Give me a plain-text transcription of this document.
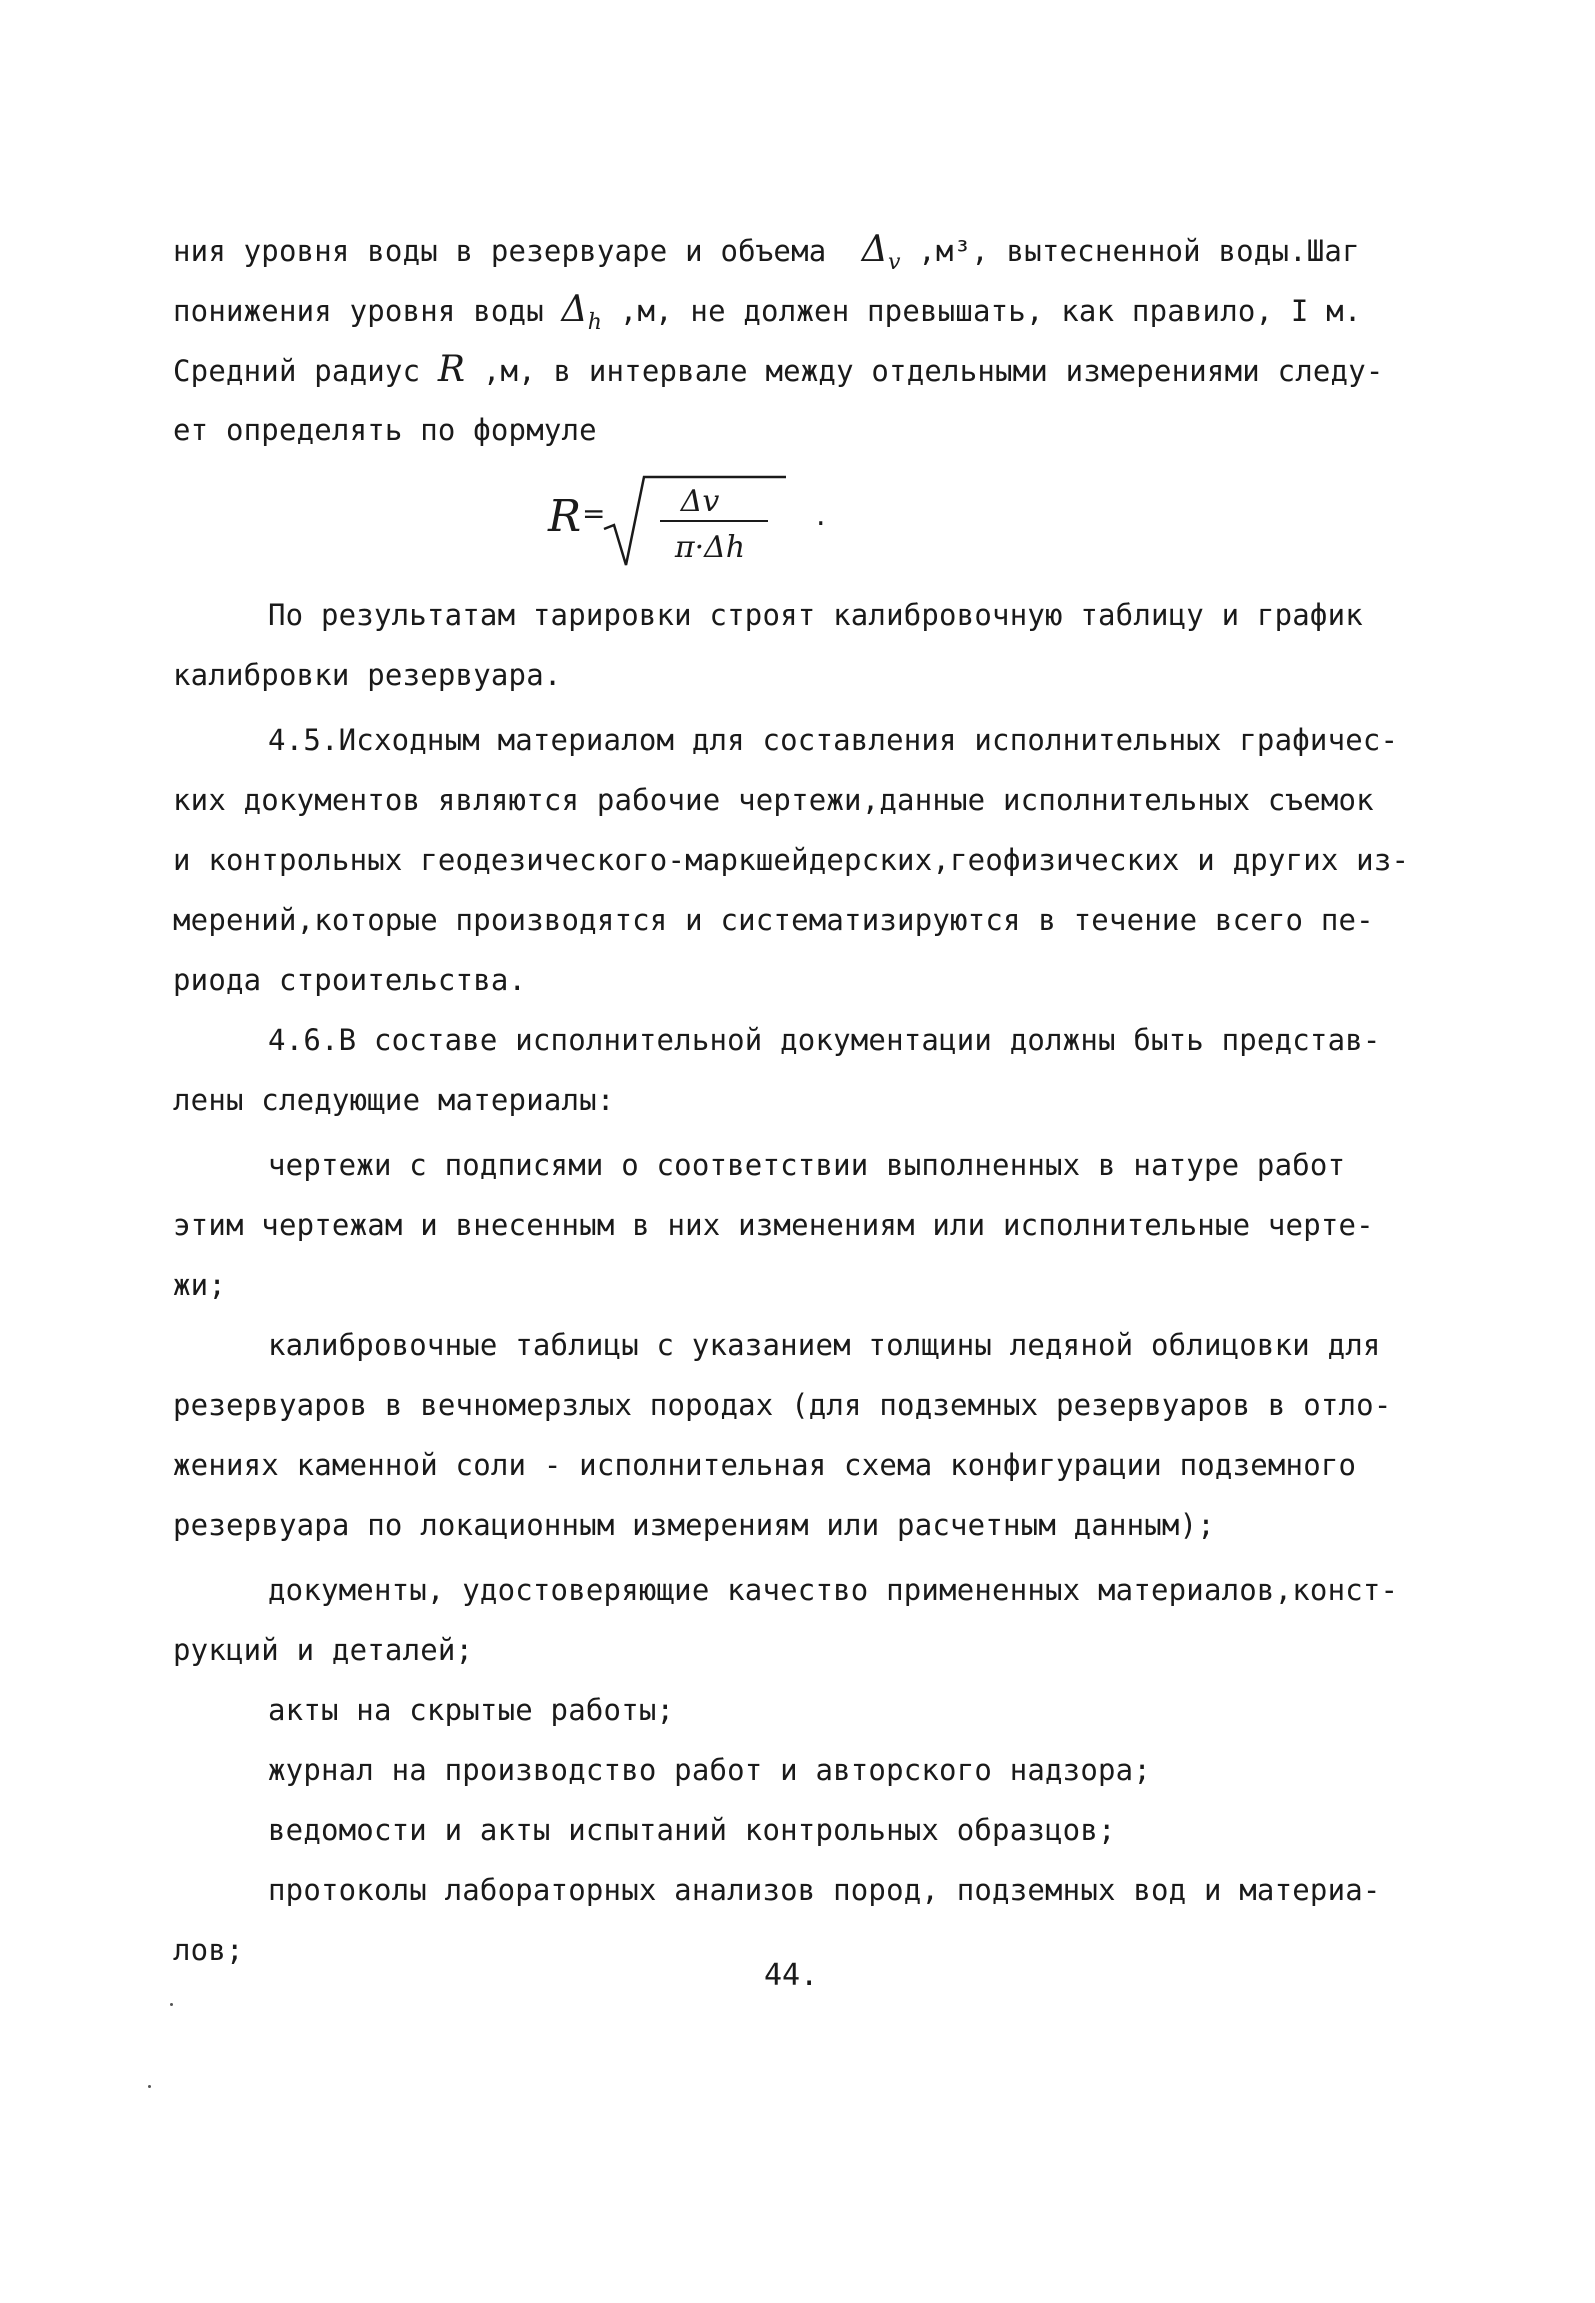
ния уровня воды в резервуаре и объема $\Delta_v$ ,м³, вытесненной воды.Шаг
понижения уровня воды $\Delta_h$ ,м, не должен превышать, как правило, I м.
Средний радиус R ,м, в интервале между отдельными измерениями следу-
ет определять по формуле
R =	Δv
π·Δh
.
По результатам тарировки строят калибровочную таблицу и график
калибровки резервуара.
4.5.Исходным материалом для составления исполнительных графичес-
ких документов являются рабочие чертежи,данные исполнительных съемок
и контрольных геодезического-маркшейдерских,геофизических и других из-
мерений,которые производятся и систематизируются в течение всего пе-
риода строительства.
4.6.В составе исполнительной документации должны быть представ-
лены следующие материалы:
чертежи с подписями о соответствии выполненных в натуре работ
этим чертежам и внесенным в них изменениям или исполнительные черте-
жи;
калибровочные таблицы с указанием толщины ледяной облицовки для
резервуаров в вечномерзлых породах (для подземных резервуаров в отло-
жениях каменной соли - исполнительная схема конфигурации подземного
резервуара по локационным измерениям или расчетным данным);
документы, удостоверяющие качество примененных материалов,конст-
рукций и деталей;
акты на скрытые работы;
журнал на производство работ и авторского надзора;
ведомости и акты испытаний контрольных образцов;
протоколы лабораторных анализов пород, подземных вод и материа-
лов;
44.
